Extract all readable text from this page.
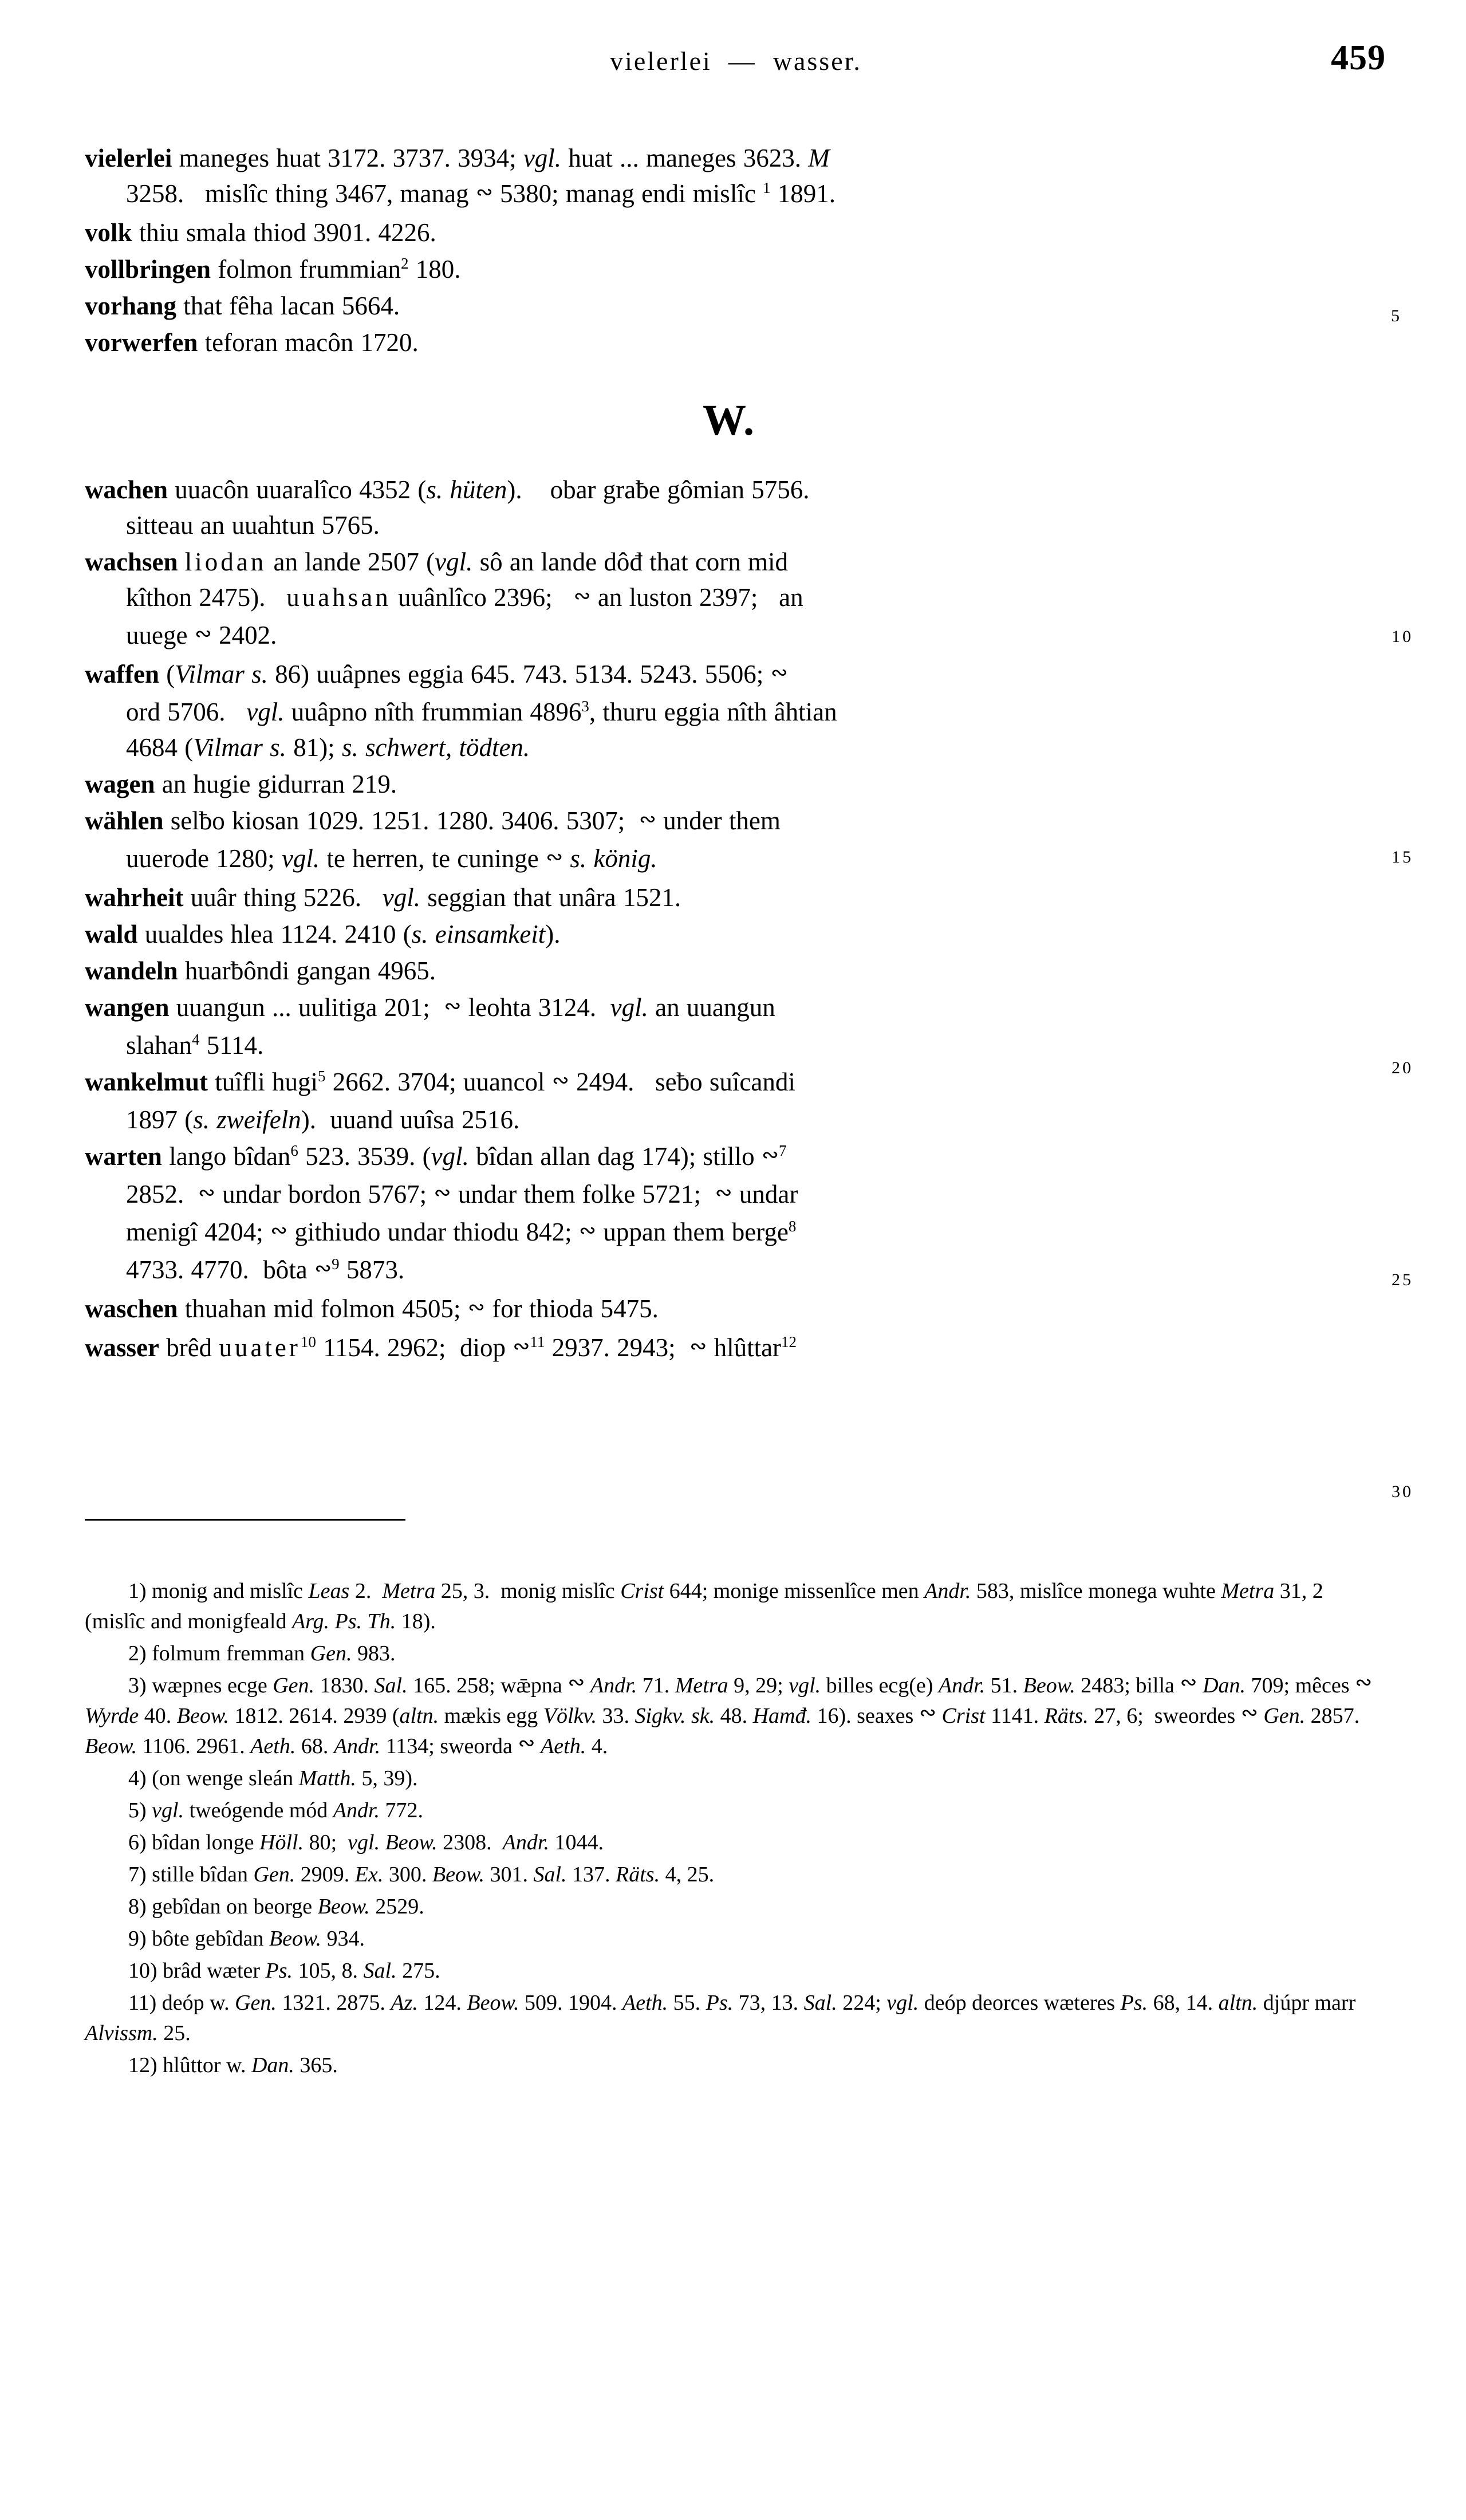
vielerlei  —  wasser.	459

vielerlei maneges huat 3172. 3737. 3934; vgl. huat ... maneges 3623. M
3258.   mislîc thing 3467, manag ∾ 5380; manag endi mislîc $^1$ 1891.

volk thiu smala thiod 3901. 4226.

vollbringen folmon frummian$^2$ 180.

vorhang that fêha lacan 5664.

vorwerfen teforan macôn 1720.

W.

wachen uuacôn uuaralîco 4352 (s. hüten).    obar graƀe gômian 5756.
sitteau an uuahtun 5765.

wachsen liodan an lande 2507 (vgl. sô an lande dôđ that corn mid
kîthon 2475).   uuahsan uuânlîco 2396;   ∾ an luston 2397;   an
uuege ∾ 2402.

waffen (Vilmar s. 86) uuâpnes eggia 645. 743. 5134. 5243. 5506; ∾
ord 5706.   vgl. uuâpno nîth frummian 4896$^3$, thuru eggia nîth âhtian
4684 (Vilmar s. 81); s. schwert, tödten.

wagen an hugie gidurran 219.

wählen selƀo kiosan 1029. 1251. 1280. 3406. 5307;  ∾ under them
uuerode 1280; vgl. te herren, te cuninge ∾ s. könig.

wahrheit uuâr thing 5226.   vgl. seggian that unâra 1521.

wald uualdes hlea 1124. 2410 (s. einsamkeit).

wandeln huarƀôndi gangan 4965.

wangen uuangun ... uulitiga 201;  ∾ leohta 3124.  vgl. an uuangun
slahan$^4$ 5114.

wankelmut tuîfli hugi$^5$ 2662. 3704; uuancol ∾ 2494.   seƀo suîcandi
1897 (s. zweifeln).  uuand uuîsa 2516.

warten lango bîdan$^6$ 523. 3539. (vgl. bîdan allan dag 174); stillo ∾$^7$
2852.  ∾ undar bordon 5767; ∾ undar them folke 5721;  ∾ undar
menigî 4204; ∾ githiudo undar thiodu 842; ∾ uppan them berge$^8$
4733. 4770.  bôta ∾$^9$ 5873.

waschen thuahan mid folmon 4505; ∾ for thioda 5475.

wasser brêd uuater$^{10}$ 1154. 2962;  diop ∾$^{11}$ 2937. 2943;  ∾ hlûttar$^{12}$

5
10
15
20
25
30

1) monig and mislîc Leas 2.  Metra 25, 3.  monig mislîc Crist 644; monige missenlîce men Andr. 583, mislîce monega wuhte Metra 31, 2 (mislîc and monigfeald Arg. Ps. Th. 18).

2) folmum fremman Gen. 983.

3) wæpnes ecge Gen. 1830. Sal. 165. 258; wǣpna ∾ Andr. 71. Metra 9, 29; vgl. billes ecg(e) Andr. 51. Beow. 2483; billa ∾ Dan. 709; mêces ∾ Wyrde 40. Beow. 1812. 2614. 2939 (altn. mækis egg Völkv. 33. Sigkv. sk. 48. Hamđ. 16). seaxes ∾ Crist 1141. Räts. 27, 6;  sweordes ∾ Gen. 2857. Beow. 1106. 2961. Aeth. 68. Andr. 1134; sweorda ∾ Aeth. 4.

4) (on wenge sleán Matth. 5, 39).

5) vgl. tweógende mód Andr. 772.

6) bîdan longe Höll. 80;  vgl. Beow. 2308.  Andr. 1044.

7) stille bîdan Gen. 2909. Ex. 300. Beow. 301. Sal. 137. Räts. 4, 25.

8) gebîdan on beorge Beow. 2529.

9) bôte gebîdan Beow. 934.

10) brâd wæter Ps. 105, 8. Sal. 275.

11) deóp w. Gen. 1321. 2875. Az. 124. Beow. 509. 1904. Aeth. 55. Ps. 73, 13. Sal. 224; vgl. deóp deorces wæteres Ps. 68, 14. altn. djúpr marr Alvissm. 25.

12) hlûttor w. Dan. 365.
